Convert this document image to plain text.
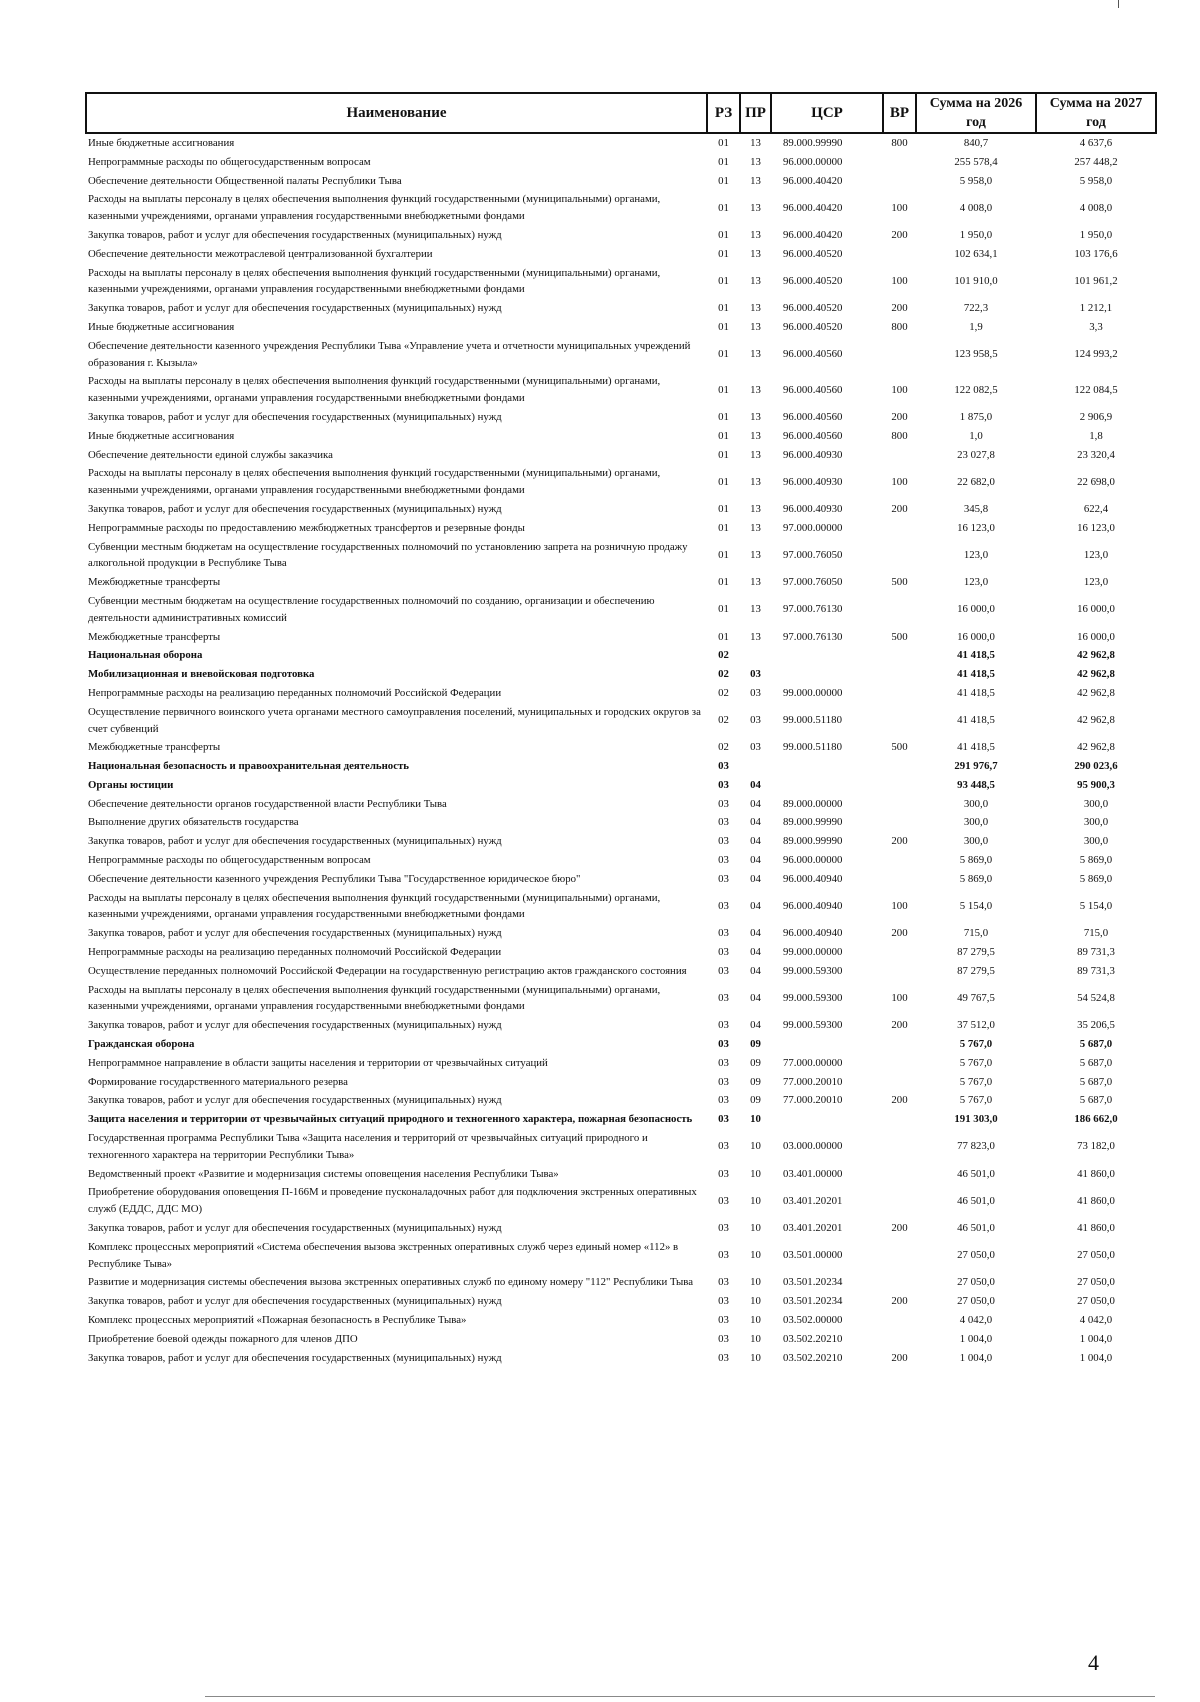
Наименование	РЗ	ПР	ЦСР	ВР	Сумма на 2026 год	Сумма на 2027 год
Иные бюджетные ассигнования	01	13	89.000.99990	800	840,7	4 637,6
Непрограммные расходы по общегосударственным вопросам	01	13	96.000.00000		255 578,4	257 448,2
Обеспечение деятельности Общественной палаты Республики Тыва	01	13	96.000.40420		5 958,0	5 958,0
Расходы на выплаты персоналу в целях обеспечения выполнения функций государственными (муниципальными) органами, казенными учреждениями, органами управления государственными внебюджетными фондами	01	13	96.000.40420	100	4 008,0	4 008,0
Закупка товаров, работ и услуг для обеспечения государственных (муниципальных) нужд	01	13	96.000.40420	200	1 950,0	1 950,0
Обеспечение деятельности межотраслевой централизованной бухгалтерии	01	13	96.000.40520		102 634,1	103 176,6
Расходы на выплаты персоналу в целях обеспечения выполнения функций государственными (муниципальными) органами, казенными учреждениями, органами управления государственными внебюджетными фондами	01	13	96.000.40520	100	101 910,0	101 961,2
Закупка товаров, работ и услуг для обеспечения государственных (муниципальных) нужд	01	13	96.000.40520	200	722,3	1 212,1
Иные бюджетные ассигнования	01	13	96.000.40520	800	1,9	3,3
Обеспечение деятельности казенного учреждения Республики Тыва «Управление учета и отчетности муниципальных учреждений образования г. Кызыла»	01	13	96.000.40560		123 958,5	124 993,2
Расходы на выплаты персоналу в целях обеспечения выполнения функций государственными (муниципальными) органами, казенными учреждениями, органами управления государственными внебюджетными фондами	01	13	96.000.40560	100	122 082,5	122 084,5
Закупка товаров, работ и услуг для обеспечения государственных (муниципальных) нужд	01	13	96.000.40560	200	1 875,0	2 906,9
Иные бюджетные ассигнования	01	13	96.000.40560	800	1,0	1,8
Обеспечение деятельности единой службы заказчика	01	13	96.000.40930		23 027,8	23 320,4
Расходы на выплаты персоналу в целях обеспечения выполнения функций государственными (муниципальными) органами, казенными учреждениями, органами управления государственными внебюджетными фондами	01	13	96.000.40930	100	22 682,0	22 698,0
Закупка товаров, работ и услуг для обеспечения государственных (муниципальных) нужд	01	13	96.000.40930	200	345,8	622,4
Непрограммные расходы по предоставлению межбюджетных трансфертов и резервные фонды	01	13	97.000.00000		16 123,0	16 123,0
Субвенции местным бюджетам на осуществление государственных полномочий по установлению запрета на розничную продажу алкогольной продукции в Республике Тыва	01	13	97.000.76050		123,0	123,0
Межбюджетные трансферты	01	13	97.000.76050	500	123,0	123,0
Субвенции местным бюджетам на осуществление государственных полномочий по созданию, организации и обеспечению деятельности административных комиссий	01	13	97.000.76130		16 000,0	16 000,0
Межбюджетные трансферты	01	13	97.000.76130	500	16 000,0	16 000,0
Национальная оборона	02				41 418,5	42 962,8
Мобилизационная и вневойсковая подготовка	02	03			41 418,5	42 962,8
Непрограммные расходы на реализацию переданных полномочий Российской Федерации	02	03	99.000.00000		41 418,5	42 962,8
Осуществление первичного воинского учета органами местного самоуправления поселений, муниципальных и городских округов за счет субвенций	02	03	99.000.51180		41 418,5	42 962,8
Межбюджетные трансферты	02	03	99.000.51180	500	41 418,5	42 962,8
Национальная безопасность и правоохранительная деятельность	03				291 976,7	290 023,6
Органы юстиции	03	04			93 448,5	95 900,3
Обеспечение деятельности органов государственной власти Республики Тыва	03	04	89.000.00000		300,0	300,0
Выполнение других обязательств государства	03	04	89.000.99990		300,0	300,0
Закупка товаров, работ и услуг для обеспечения государственных (муниципальных) нужд	03	04	89.000.99990	200	300,0	300,0
Непрограммные расходы по общегосударственным вопросам	03	04	96.000.00000		5 869,0	5 869,0
Обеспечение деятельности казенного учреждения Республики Тыва "Государственное юридическое бюро"	03	04	96.000.40940		5 869,0	5 869,0
Расходы на выплаты персоналу в целях обеспечения выполнения функций государственными (муниципальными) органами, казенными учреждениями, органами управления государственными внебюджетными фондами	03	04	96.000.40940	100	5 154,0	5 154,0
Закупка товаров, работ и услуг для обеспечения государственных (муниципальных) нужд	03	04	96.000.40940	200	715,0	715,0
Непрограммные расходы на реализацию переданных полномочий Российской Федерации	03	04	99.000.00000		87 279,5	89 731,3
Осуществление переданных полномочий Российской Федерации на государственную регистрацию актов гражданского состояния	03	04	99.000.59300		87 279,5	89 731,3
Расходы на выплаты персоналу в целях обеспечения выполнения функций государственными (муниципальными) органами, казенными учреждениями, органами управления государственными внебюджетными фондами	03	04	99.000.59300	100	49 767,5	54 524,8
Закупка товаров, работ и услуг для обеспечения государственных (муниципальных) нужд	03	04	99.000.59300	200	37 512,0	35 206,5
Гражданская оборона	03	09			5 767,0	5 687,0
Непрограммное направление в области защиты населения и территории от чрезвычайных ситуаций	03	09	77.000.00000		5 767,0	5 687,0
Формирование государственного материального резерва	03	09	77.000.20010		5 767,0	5 687,0
Закупка товаров, работ и услуг для обеспечения государственных (муниципальных) нужд	03	09	77.000.20010	200	5 767,0	5 687,0
Защита населения и территории от чрезвычайных ситуаций природного и техногенного характера, пожарная безопасность	03	10			191 303,0	186 662,0
Государственная программа Республики Тыва «Защита населения и территорий от чрезвычайных ситуаций природного и техногенного характера на территории Республики Тыва»	03	10	03.000.00000		77 823,0	73 182,0
Ведомственный проект «Развитие и модернизация системы оповещения населения Республики Тыва»	03	10	03.401.00000		46 501,0	41 860,0
Приобретение оборудования оповещения П-166М и проведение пусконаладочных работ для подключения экстренных оперативных служб (ЕДДС, ДДС МО)	03	10	03.401.20201		46 501,0	41 860,0
Закупка товаров, работ и услуг для обеспечения государственных (муниципальных) нужд	03	10	03.401.20201	200	46 501,0	41 860,0
Комплекс процессных мероприятий «Система обеспечения вызова экстренных оперативных служб через единый номер «112» в Республике Тыва»	03	10	03.501.00000		27 050,0	27 050,0
Развитие и модернизация системы обеспечения вызова экстренных оперативных служб по единому номеру "112" Республики Тыва	03	10	03.501.20234		27 050,0	27 050,0
Закупка товаров, работ и услуг для обеспечения государственных (муниципальных) нужд	03	10	03.501.20234	200	27 050,0	27 050,0
Комплекс процессных мероприятий «Пожарная безопасность в Республике Тыва»	03	10	03.502.00000		4 042,0	4 042,0
Приобретение боевой одежды пожарного для членов ДПО	03	10	03.502.20210		1 004,0	1 004,0
Закупка товаров, работ и услуг для обеспечения государственных (муниципальных) нужд	03	10	03.502.20210	200	1 004,0	1 004,0
4
